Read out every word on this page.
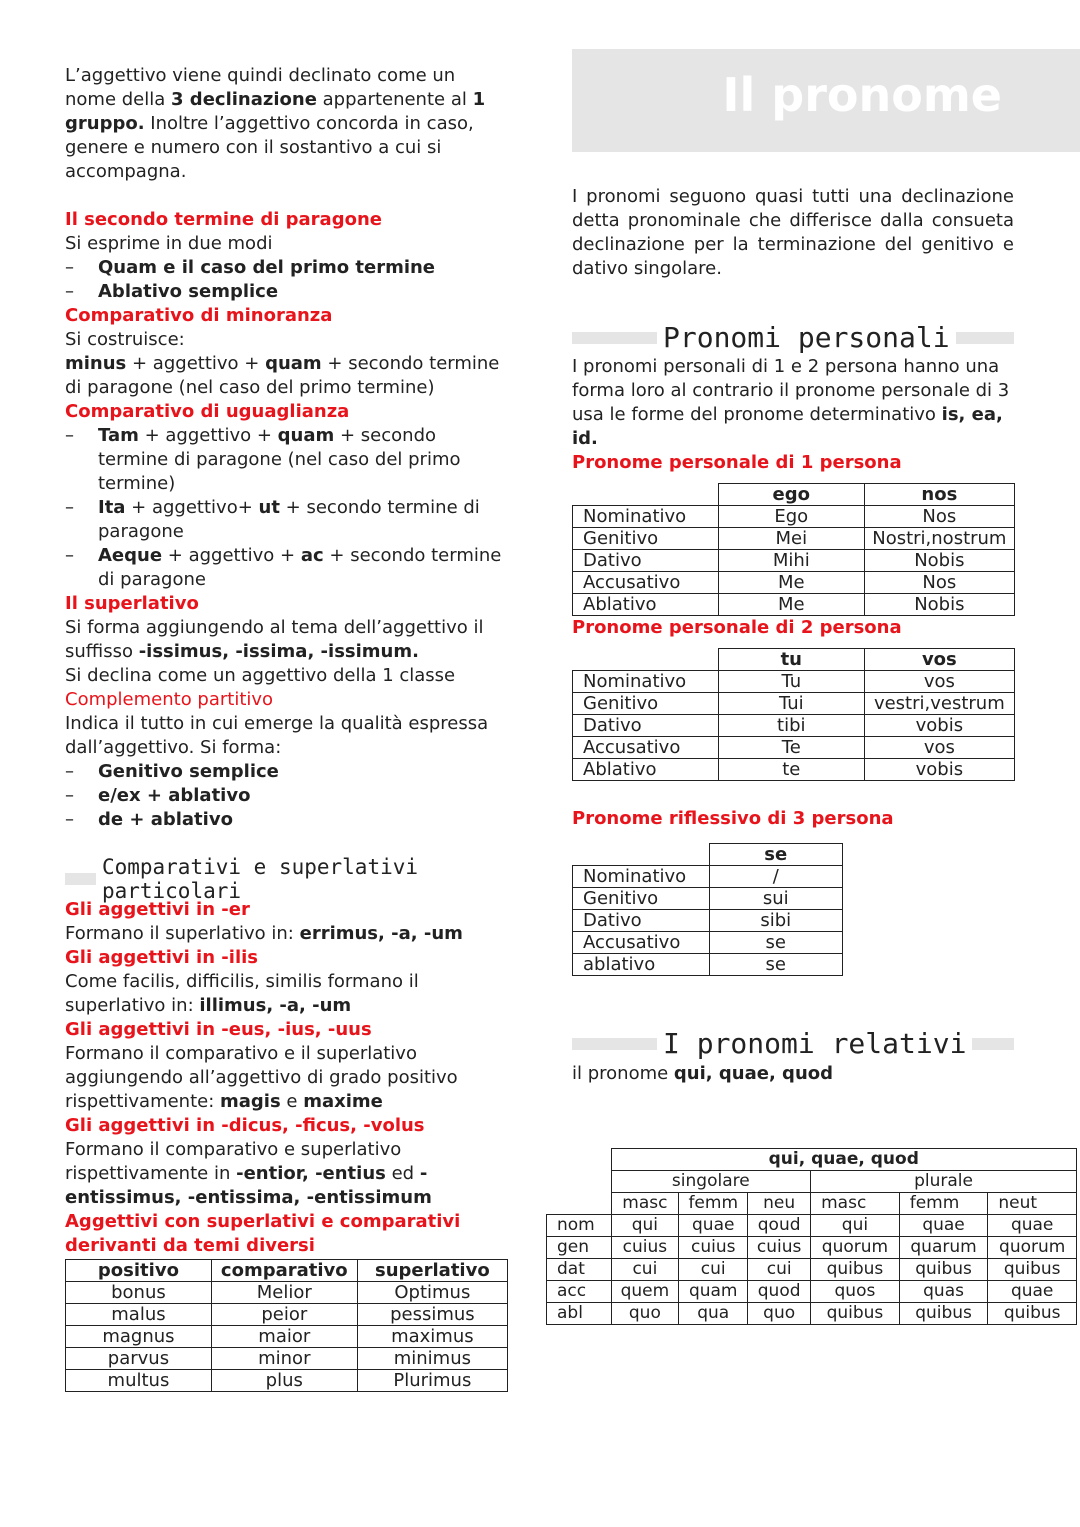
L’aggettivo viene quindi declinato come un nome della 3 declinazione appartenente al 1 gruppo. Inoltre l’aggettivo concorda in caso, genere e numero con il sostantivo a cui si accompagna.

Il secondo termine di paragone

Si esprime in due modi

– Quam e il caso del primo termine

– Ablativo semplice

Comparativo di minoranza

Si costruisce:

minus + aggettivo + quam + secondo termine di paragone (nel caso del primo termine)

Comparativo di uguaglianza

– Tam + aggettivo + quam + secondo termine di paragone (nel caso del primo termine)

– Ita + aggettivo+ ut + secondo termine di paragone

– Aeque + aggettivo + ac + secondo termine di paragone

Il superlativo

Si forma aggiungendo al tema dell’aggettivo il suffisso -issimus, -issima, -issimum.

Si declina come un aggettivo della 1 classe

Complemento partitivo

Indica il tutto in cui emerge la qualità espressa dall’aggettivo. Si forma:

– Genitivo semplice

– e/ex + ablativo

– de + ablativo

Comparativi e superlativi particolari

Gli aggettivi in -er

Formano il superlativo in: errimus, -a, -um

Gli aggettivi in -ilis

Come facilis, difficilis, similis formano il superlativo in: illimus, -a, -um

Gli aggettivi in -eus, -ius, -uus

Formano il comparativo e il superlativo aggiungendo all’aggettivo di grado positivo rispettivamente: magis e maxime

Gli aggettivi in -dicus, -ficus, -volus

Formano il comparativo e superlativo rispettivamente in -entior, -entius ed -entissimus, -entissima, -entissimum

Aggettivi con superlativi e comparativi derivanti da temi diversi

positivo	comparativo	superlativo
bonus	Melior	Optimus
malus	peior	pessimus
magnus	maior	maximus
parvus	minor	minimus
multus	plus	Plurimus
Il pronome

I pronomi seguono quasi tutti una declinazione detta pronominale che differisce dalla consueta declinazione per la terminazione del genitivo e dativo singolare.

Pronomi personali

I pronomi personali di 1 e 2 persona hanno una forma loro al contrario il pronome personale di 3 usa le forme del pronome determinativo is, ea, id.

Pronome personale di 1 persona

	ego	nos
Nominativo	Ego	Nos
Genitivo	Mei	Nostri,nostrum
Dativo	Mihi	Nobis
Accusativo	Me	Nos
Ablativo	Me	Nobis

Pronome personale di 2 persona

	tu	vos
Nominativo	Tu	vos
Genitivo	Tui	vestri,vestrum
Dativo	tibi	vobis
Accusativo	Te	vos
Ablativo	te	vobis

Pronome riflessivo di 3 persona

	se
Nominativo	/
Genitivo	sui
Dativo	sibi
Accusativo	se
ablativo	se
I pronomi relativi

il pronome qui, quae, quod

	qui, quae, quod					
	singolare			plurale		
	masc	femm	neu	masc	femm	neut
nom	qui	quae	qoud	qui	quae	quae
gen	cuius	cuius	cuius	quorum	quarum	quorum
dat	cui	cui	cui	quibus	quibus	quibus
acc	quem	quam	quod	quos	quas	quae
abl	quo	qua	quo	quibus	quibus	quibus
